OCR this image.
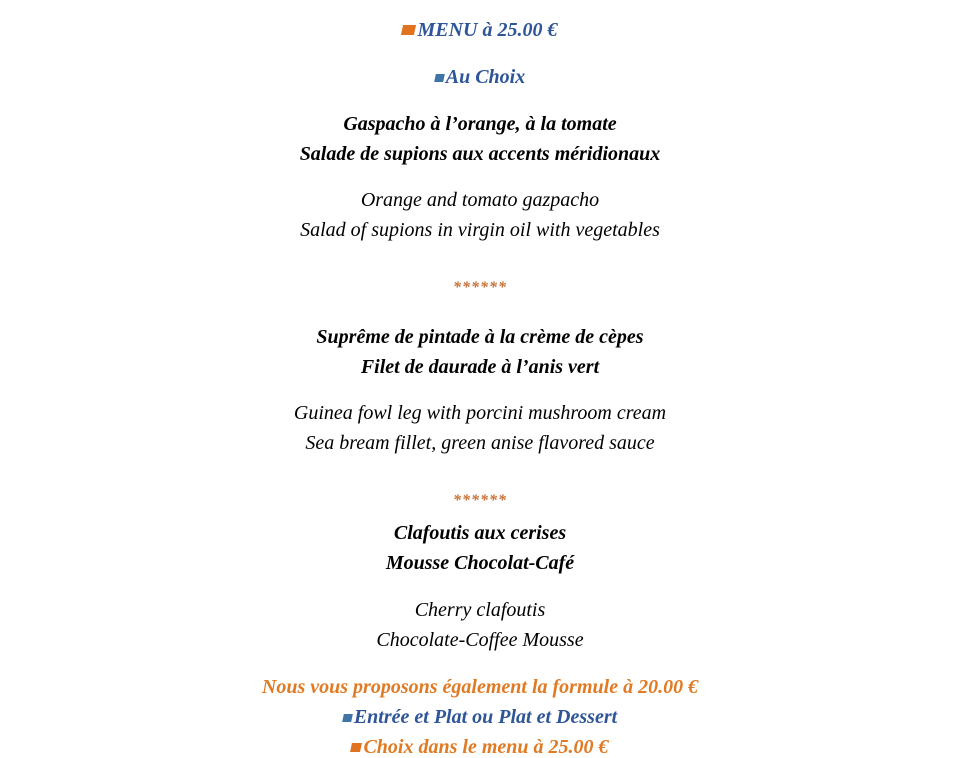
MENU à 25.00 €
Au Choix
Gaspacho à l’orange, à la tomate
Salade de supions aux accents méridionaux
Orange and tomato gazpacho
Salad of supions in virgin oil with vegetables
******
Suprême de pintade à la crème de cèpes
Filet de daurade à l’anis vert
Guinea fowl leg with porcini mushroom cream
Sea bream fillet, green anise flavored sauce
******
Clafoutis aux cerises
Mousse Chocolat-Café
Cherry clafoutis
Chocolate-Coffee Mousse
Nous vous proposons également la formule à 20.00 €
Entrée et Plat ou Plat et Dessert
Choix dans le menu à 25.00 €
